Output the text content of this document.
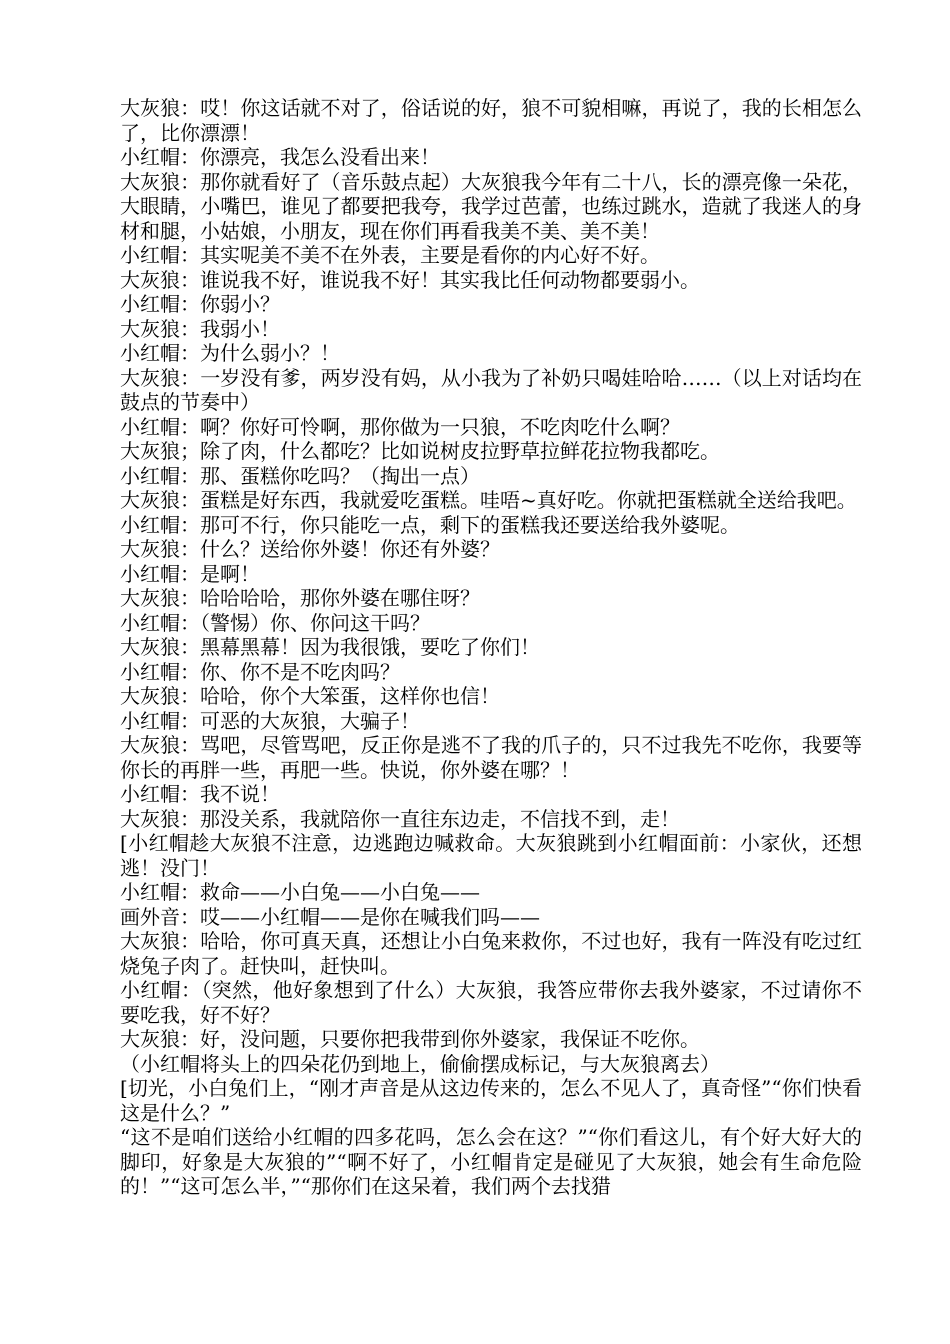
大灰狼：哎！你这话就不对了，俗话说的好，狼不可貌相嘛，再说了，我的长相怎么了，比你漂漂！

小红帽：你漂亮，我怎么没看出来！

大灰狼：那你就看好了（音乐鼓点起）大灰狼我今年有二十八，长的漂亮像一朵花，大眼睛，小嘴巴，谁见了都要把我夸，我学过芭蕾，也练过跳水，造就了我迷人的身材和腿，小姑娘，小朋友，现在你们再看我美不美、美不美！

小红帽：其实呢美不美不在外表，主要是看你的内心好不好。

大灰狼：谁说我不好，谁说我不好！其实我比任何动物都要弱小。

小红帽：你弱小？

大灰狼：我弱小！

小红帽：为什么弱小？！

大灰狼：一岁没有爹，两岁没有妈，从小我为了补奶只喝娃哈哈……（以上对话均在鼓点的节奏中）

小红帽：啊？你好可怜啊，那你做为一只狼，不吃肉吃什么啊？

大灰狼；除了肉，什么都吃？比如说树皮拉野草拉鲜花拉物我都吃。

小红帽：那、蛋糕你吃吗？（掏出一点）

大灰狼：蛋糕是好东西，我就爱吃蛋糕。哇唔~真好吃。你就把蛋糕就全送给我吧。

小红帽：那可不行，你只能吃一点，剩下的蛋糕我还要送给我外婆呢。

大灰狼：什么？送给你外婆！你还有外婆？

小红帽：是啊！

大灰狼：哈哈哈哈，那你外婆在哪住呀？

小红帽：（警惕）你、你问这干吗？

大灰狼：黑幕黑幕！因为我很饿，要吃了你们！

小红帽：你、你不是不吃肉吗？

大灰狼：哈哈，你个大笨蛋，这样你也信！

小红帽：可恶的大灰狼，大骗子！

大灰狼：骂吧，尽管骂吧，反正你是逃不了我的爪子的，只不过我先不吃你，我要等你长的再胖一些，再肥一些。快说，你外婆在哪？！

小红帽：我不说！

大灰狼：那没关系，我就陪你一直往东边走，不信找不到，走！

[小红帽趁大灰狼不注意，边逃跑边喊救命。大灰狼跳到小红帽面前：小家伙，还想逃！没门！

小红帽：救命——小白兔——小白兔——

画外音：哎——小红帽——是你在喊我们吗——

大灰狼：哈哈，你可真天真，还想让小白兔来救你，不过也好，我有一阵没有吃过红烧兔子肉了。赶快叫，赶快叫。

小红帽：（突然，他好象想到了什么）大灰狼，我答应带你去我外婆家，不过请你不要吃我，好不好？

大灰狼：好，没问题，只要你把我带到你外婆家，我保证不吃你。

（小红帽将头上的四朵花仍到地上，偷偷摆成标记，与大灰狼离去）

[切光，小白兔们上，“刚才声音是从这边传来的，怎么不见人了，真奇怪”“你们快看这是什么？”

“这不是咱们送给小红帽的四多花吗，怎么会在这？”“你们看这儿，有个好大好大的脚印，好象是大灰狼的”“啊不好了，小红帽肯定是碰见了大灰狼，她会有生命危险的！”“这可怎么半，”“那你们在这呆着，我们两个去找猎
